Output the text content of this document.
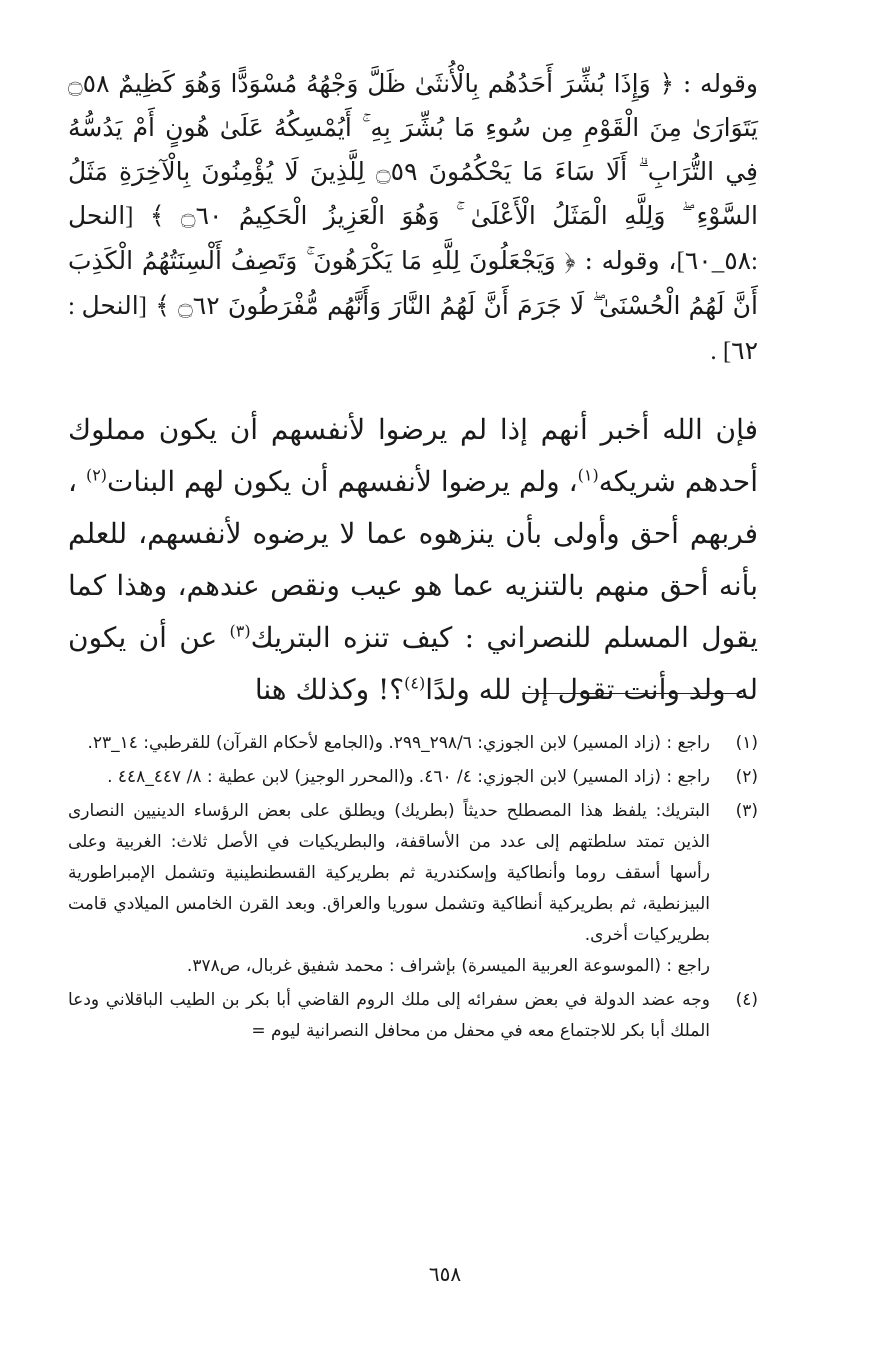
وقوله : ﴿ وَإِذَا بُشِّرَ أَحَدُهُم بِالْأُنثَىٰ ظَلَّ وَجْهُهُ مُسْوَدًّا وَهُوَ كَظِيمٌ ۝٥٨ يَتَوَارَىٰ مِنَ الْقَوْمِ مِن سُوءِ مَا بُشِّرَ بِهِ ۚ أَيُمْسِكُهُ عَلَىٰ هُونٍ أَمْ يَدُسُّهُ فِي التُّرَابِ ۗ أَلَا سَاءَ مَا يَحْكُمُونَ ۝٥٩ لِلَّذِينَ لَا يُؤْمِنُونَ بِالْآخِرَةِ مَثَلُ السَّوْءِ ۖ وَلِلَّهِ الْمَثَلُ الْأَعْلَىٰ ۚ وَهُوَ الْعَزِيزُ الْحَكِيمُ ۝٦٠ ﴾ [النحل :٥٨_٦٠]، وقوله : ﴿ وَيَجْعَلُونَ لِلَّهِ مَا يَكْرَهُونَ ۚ وَتَصِفُ أَلْسِنَتُهُمُ الْكَذِبَ أَنَّ لَهُمُ الْحُسْنَىٰ ۖ لَا جَرَمَ أَنَّ لَهُمُ النَّارَ وَأَنَّهُم مُّفْرَطُونَ ۝٦٢ ﴾ [النحل : ٦٢] .

فإن الله أخبر أنهم إذا لم يرضوا لأنفسهم أن يكون مملوك أحدهم شريكه$^{(١)}$، ولم يرضوا لأنفسهم أن يكون لهم البنات$^{(٢)}$ ، فربهم أحق وأولى بأن ينزهوه عما لا يرضوه لأنفسهم، للعلم بأنه أحق منهم بالتنزيه عما هو عيب ونقص عندهم، وهذا كما يقول المسلم للنصراني : كيف تنزه البتريك$^{(٣)}$ عن أن يكون له ولد وأنت تقول إن لله ولدًا$^{(٤)}$؟! وكذلك هنا

(١)

راجع : (زاد المسير) لابن الجوزي: ٢٩٨/٦_٢٩٩. و(الجامع لأحكام القرآن) للقرطبي: ١٤_٢٣.

(٢)

راجع : (زاد المسير) لابن الجوزي: ٤/ ٤٦٠. و(المحرر الوجيز) لابن عطية : ٨/ ٤٤٧_٤٤٨ .

(٣)

البتريك: يلفظ هذا المصطلح حديثاً (بطريك) ويطلق على بعض الرؤساء الدينيين النصارى الذين تمتد سلطتهم إلى عدد من الأساقفة، والبطريكيات في الأصل ثلاث: الغربية وعلى رأسها أسقف روما وأنطاكية وإسكندرية ثم بطريركية القسطنطينية وتشمل الإمبراطورية البيزنطية، ثم بطريركية أنطاكية وتشمل سوريا والعراق. وبعد القرن الخامس الميلادي قامت بطريركيات أخرى.

راجع : (الموسوعة العربية الميسرة) بإشراف : محمد شفيق غربال، ص٣٧٨.

(٤)

وجه عضد الدولة في بعض سفرائه إلى ملك الروم القاضي أبا بكر بن الطيب الباقلاني ودعا الملك أبا بكر للاجتماع معه في محفل من محافل النصرانية ليوم =

٦٥٨
